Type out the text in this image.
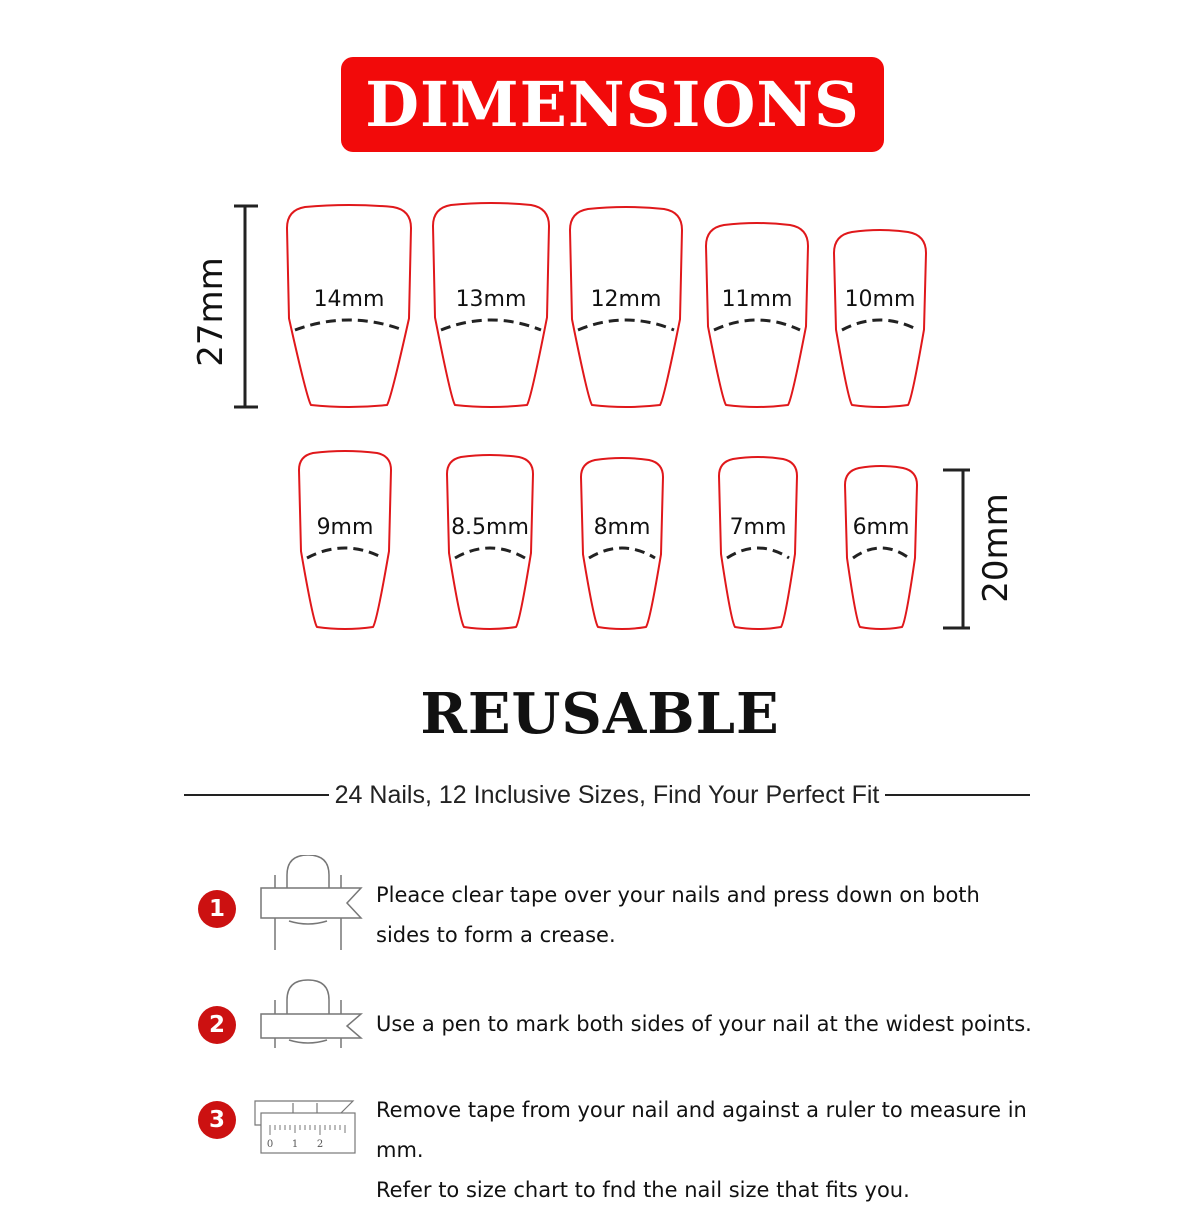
DIMENSIONS
14mm	13mm	12mm	11mm 10mm
9mm	8.5mm	8mm	7mm	6mm
27mm
20mm
REUSABLE
24 Nails, 12 Inclusive Sizes, Find Your Perfect Fit
1
Pleace clear tape over your nails and press down on both
sides to form a crease.
2	Use a pen to mark both sides of your nail at the widest points.
3
0 1 2
Remove tape from your nail and against a ruler to measure in mm.
Refer to size chart to fnd the nail size that fits you.
